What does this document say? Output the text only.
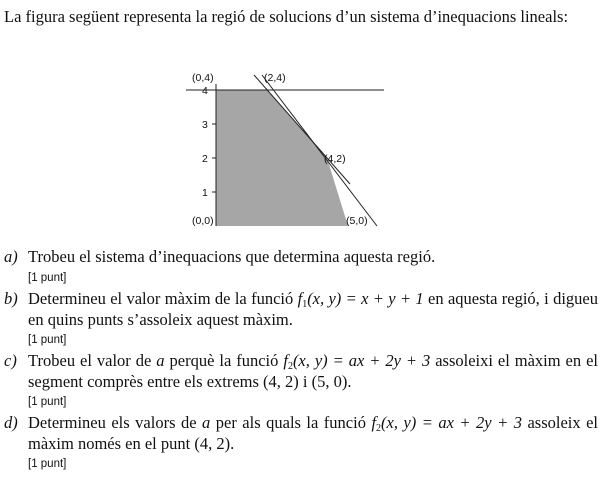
La figura següent representa la regió de solucions d’un sistema d’inequacions lineals:
4
3
2
1
(0,4)	(2,4)
(4,2)
(0,0)	(5,0)
a) Trobeu el sistema d’inequacions que determina aquesta regió.
[1 punt]
b) Determineu el valor màxim de la funció $f_1(x$, y) = x + y + 1 en aquesta regió, i digueu en quins punts s’assoleix aquest màxim.
[1 punt]
c) Trobeu el valor de a perquè la funció $f_2(x$, y) = ax + 2y + 3 assoleixi el màxim en el segment comprès entre els extrems (4, 2) i (5, 0).
[1 punt]
d) Determineu els valors de a per als quals la funció $f_2(x$, y) = ax + 2y + 3 assoleix el màxim només en el punt (4, 2).
[1 punt]
